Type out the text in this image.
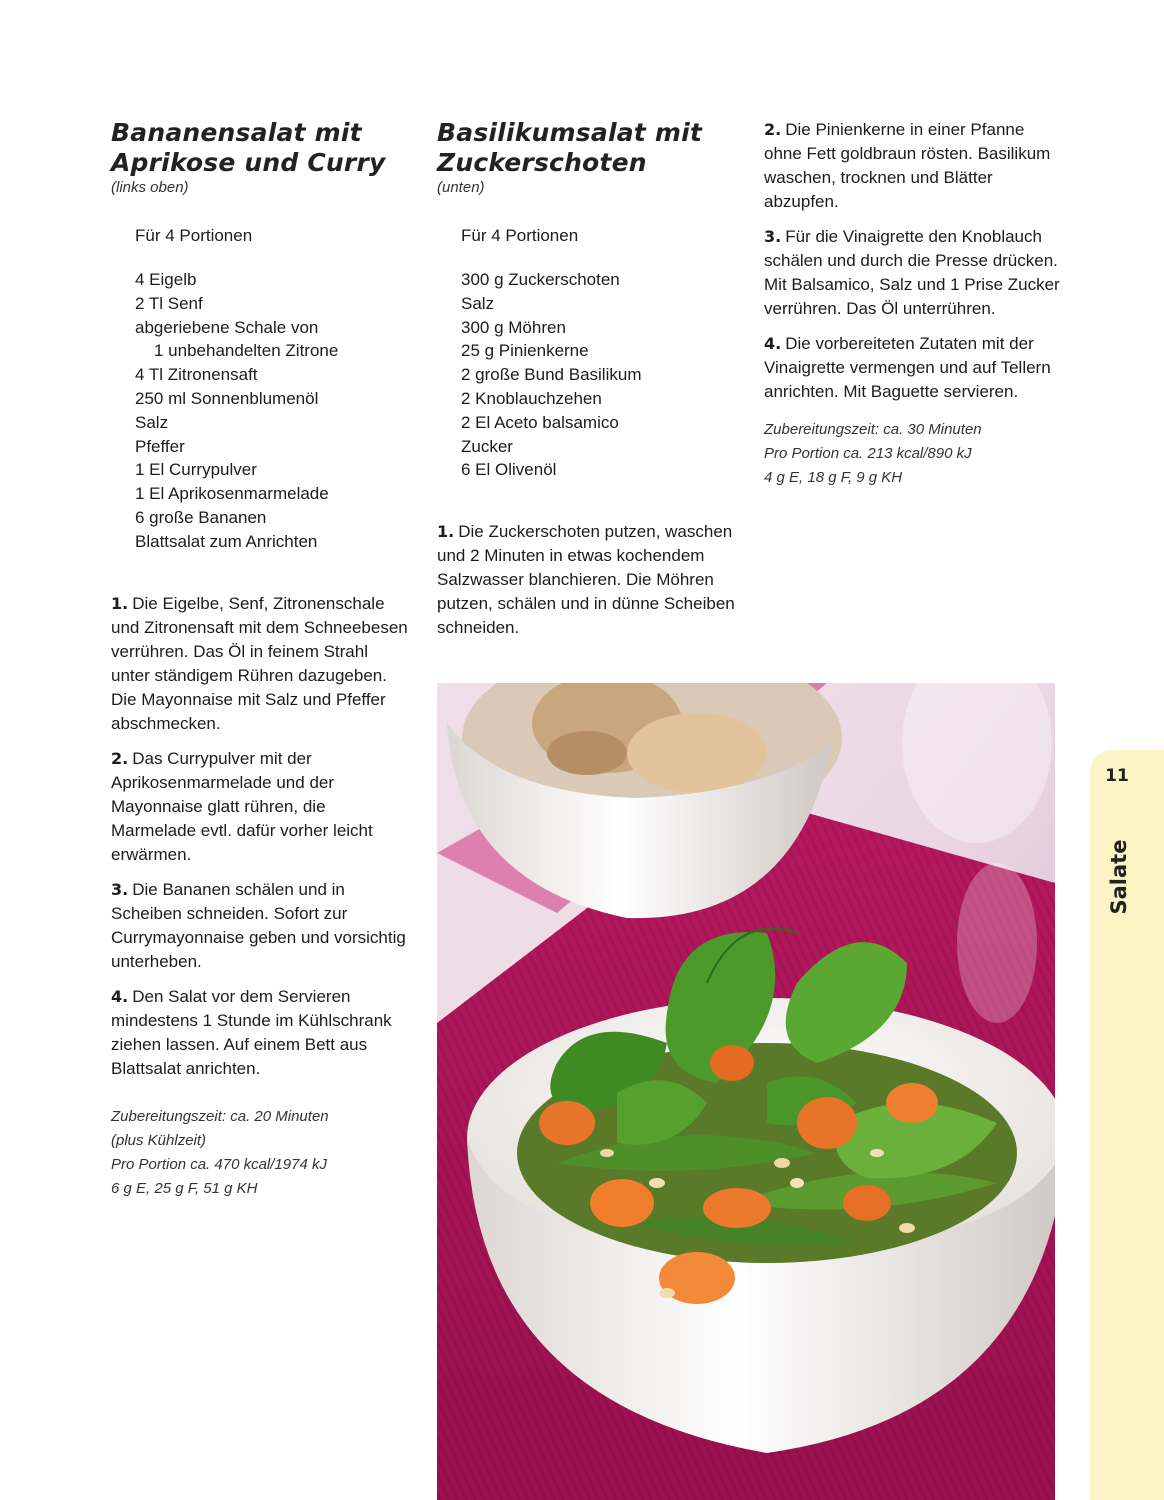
Bananensalat mit
Aprikose und Curry
(links oben)
Für 4 Portionen
4 Eigelb
2 Tl Senf
abgeriebene Schale von
1 unbehandelten Zitrone
4 Tl Zitronensaft
250 ml Sonnenblumenöl
Salz
Pfeffer
1 El Currypulver
1 El Aprikosenmarmelade
6 große Bananen
Blattsalat zum Anrichten

1. Die Eigelbe, Senf, Zitronenschale und Zitronensaft mit dem Schneebesen verrühren. Das Öl in feinem Strahl unter ständigem Rühren dazugeben. Die Mayonnaise mit Salz und Pfeffer abschmecken.

2. Das Currypulver mit der Aprikosenmarmelade und der Mayonnaise glatt rühren, die Marmelade evtl. dafür vorher leicht erwärmen.

3. Die Bananen schälen und in Scheiben schneiden. Sofort zur Currymayonnaise geben und vorsichtig unterheben.

4. Den Salat vor dem Servieren mindestens 1 Stunde im Kühlschrank ziehen lassen. Auf einem Bett aus Blattsalat anrichten.

Zubereitungszeit: ca. 20 Minuten
(plus Kühlzeit)
Pro Portion ca. 470 kcal/1974 kJ
6 g E, 25 g F, 51 g KH
Basilikumsalat mit
Zuckerschoten
(unten)
Für 4 Portionen
300 g Zuckerschoten
Salz
300 g Möhren
25 g Pinienkerne
2 große Bund Basilikum
2 Knoblauchzehen
2 El Aceto balsamico
Zucker
6 El Olivenöl

1. Die Zuckerschoten putzen, waschen und 2 Minuten in etwas kochendem Salzwasser blanchieren. Die Möhren putzen, schälen und in dünne Scheiben schneiden.

2. Die Pinienkerne in einer Pfanne ohne Fett goldbraun rösten. Basilikum waschen, trocknen und Blätter abzupfen.

3. Für die Vinaigrette den Knoblauch schälen und durch die Presse drücken. Mit Balsamico, Salz und 1 Prise Zucker verrühren. Das Öl unterrühren.

4. Die vorbereiteten Zutaten mit der Vinaigrette vermengen und auf Tellern anrichten. Mit Baguette servieren.

Zubereitungszeit: ca. 30 Minuten
Pro Portion ca. 213 kcal/890 kJ
4 g E, 18 g F, 9 g KH
11
Salate
